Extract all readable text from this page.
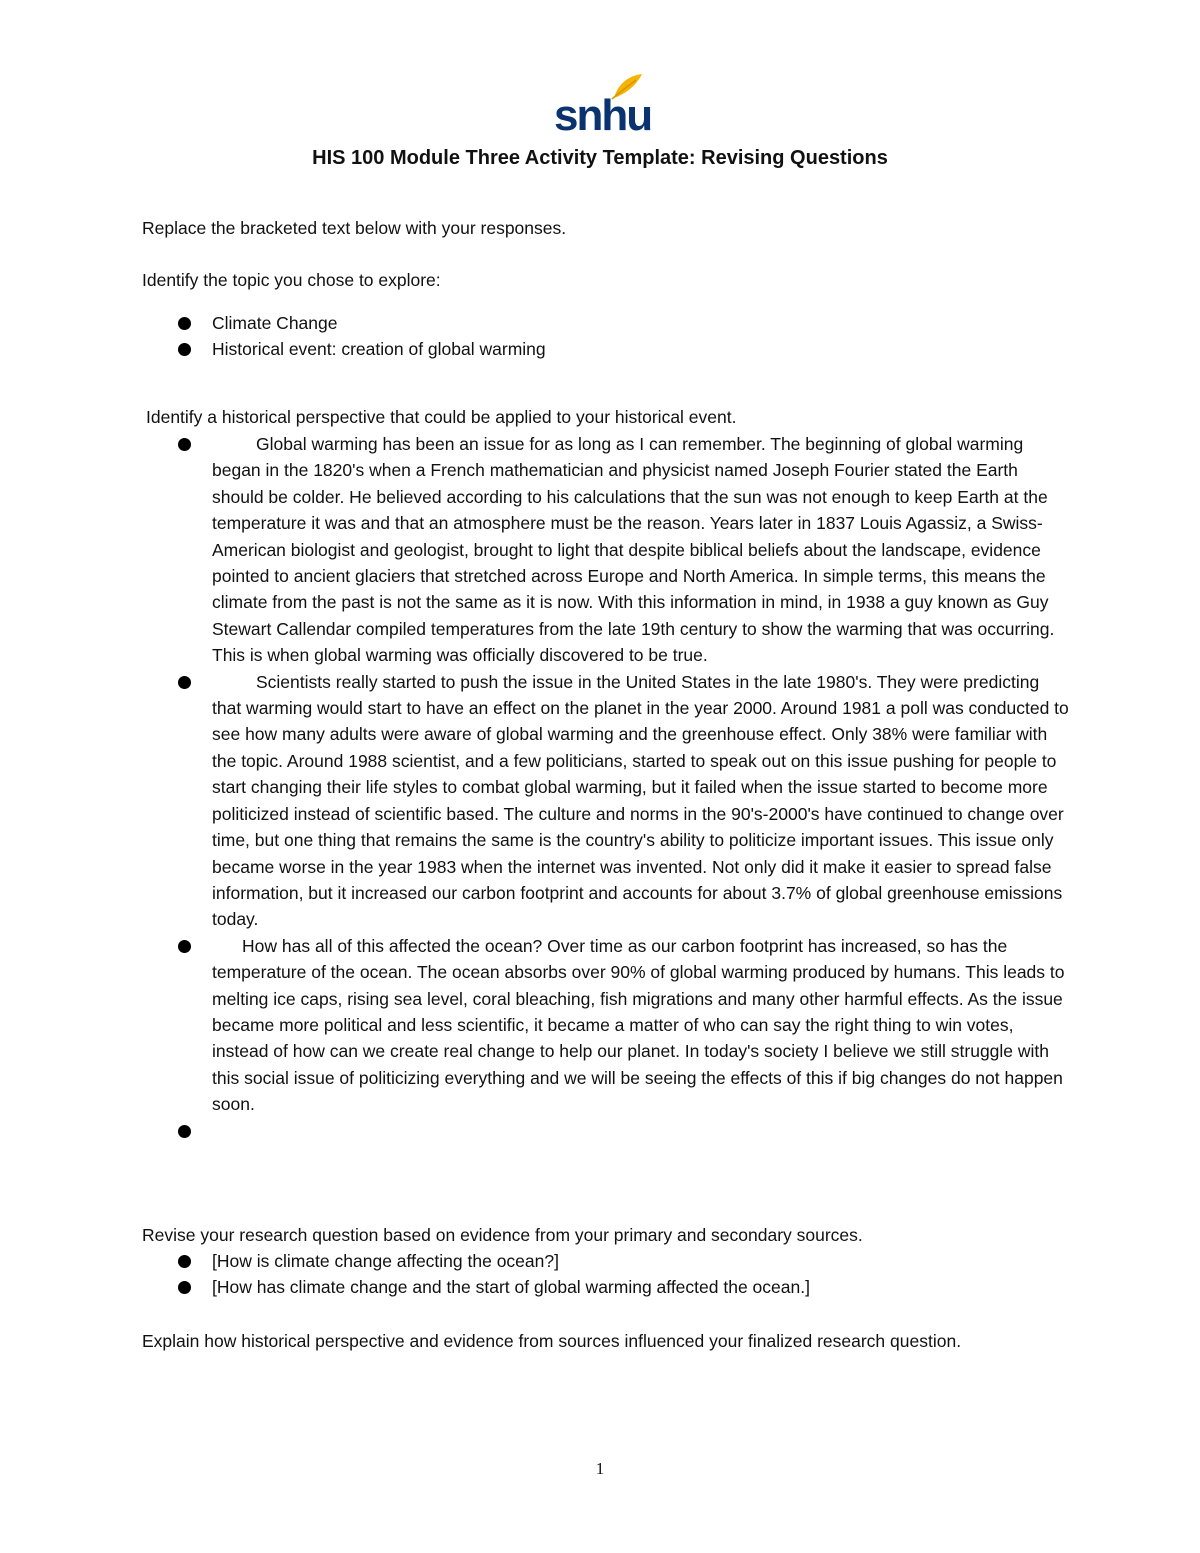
snhu
HIS 100 Module Three Activity Template: Revising Questions

Replace the bracketed text below with your responses.

Identify the topic you chose to explore:

Climate Change
Historical event: creation of global warming

Identify a historical perspective that could be applied to your historical event.

Global warming has been an issue for as long as I can remember. The beginning of global warming began in the 1820's when a French mathematician and physicist named Joseph Fourier stated the Earth should be colder. He believed according to his calculations that the sun was not enough to keep Earth at the temperature it was and that an atmosphere must be the reason. Years later in 1837 Louis Agassiz, a Swiss-American biologist and geologist, brought to light that despite biblical beliefs about the landscape, evidence pointed to ancient glaciers that stretched across Europe and North America. In simple terms, this means the climate from the past is not the same as it is now. With this information in mind, in 1938 a guy known as Guy Stewart Callendar compiled temperatures from the late 19th century to show the warming that was occurring. This is when global warming was officially discovered to be true.
Scientists really started to push the issue in the United States in the late 1980's. They were predicting that warming would start to have an effect on the planet in the year 2000. Around 1981 a poll was conducted to see how many adults were aware of global warming and the greenhouse effect. Only 38% were familiar with the topic. Around 1988 scientist, and a few politicians, started to speak out on this issue pushing for people to start changing their life styles to combat global warming, but it failed when the issue started to become more politicized instead of scientific based. The culture and norms in the 90's-2000's have continued to change over time, but one thing that remains the same is the country's ability to politicize important issues. This issue only became worse in the year 1983 when the internet was invented. Not only did it make it easier to spread false information, but it increased our carbon footprint and accounts for about 3.7% of global greenhouse emissions today.
How has all of this affected the ocean? Over time as our carbon footprint has increased, so has the temperature of the ocean. The ocean absorbs over 90% of global warming produced by humans. This leads to melting ice caps, rising sea level, coral bleaching, fish migrations and many other harmful effects. As the issue became more political and less scientific, it became a matter of who can say the right thing to win votes, instead of how can we create real change to help our planet. In today's society I believe we still struggle with this social issue of politicizing everything and we will be seeing the effects of this if big changes do not happen soon.

Revise your research question based on evidence from your primary and secondary sources.

[How is climate change affecting the ocean?]
[How has climate change and the start of global warming affected the ocean.]

Explain how historical perspective and evidence from sources influenced your finalized research question.

1
